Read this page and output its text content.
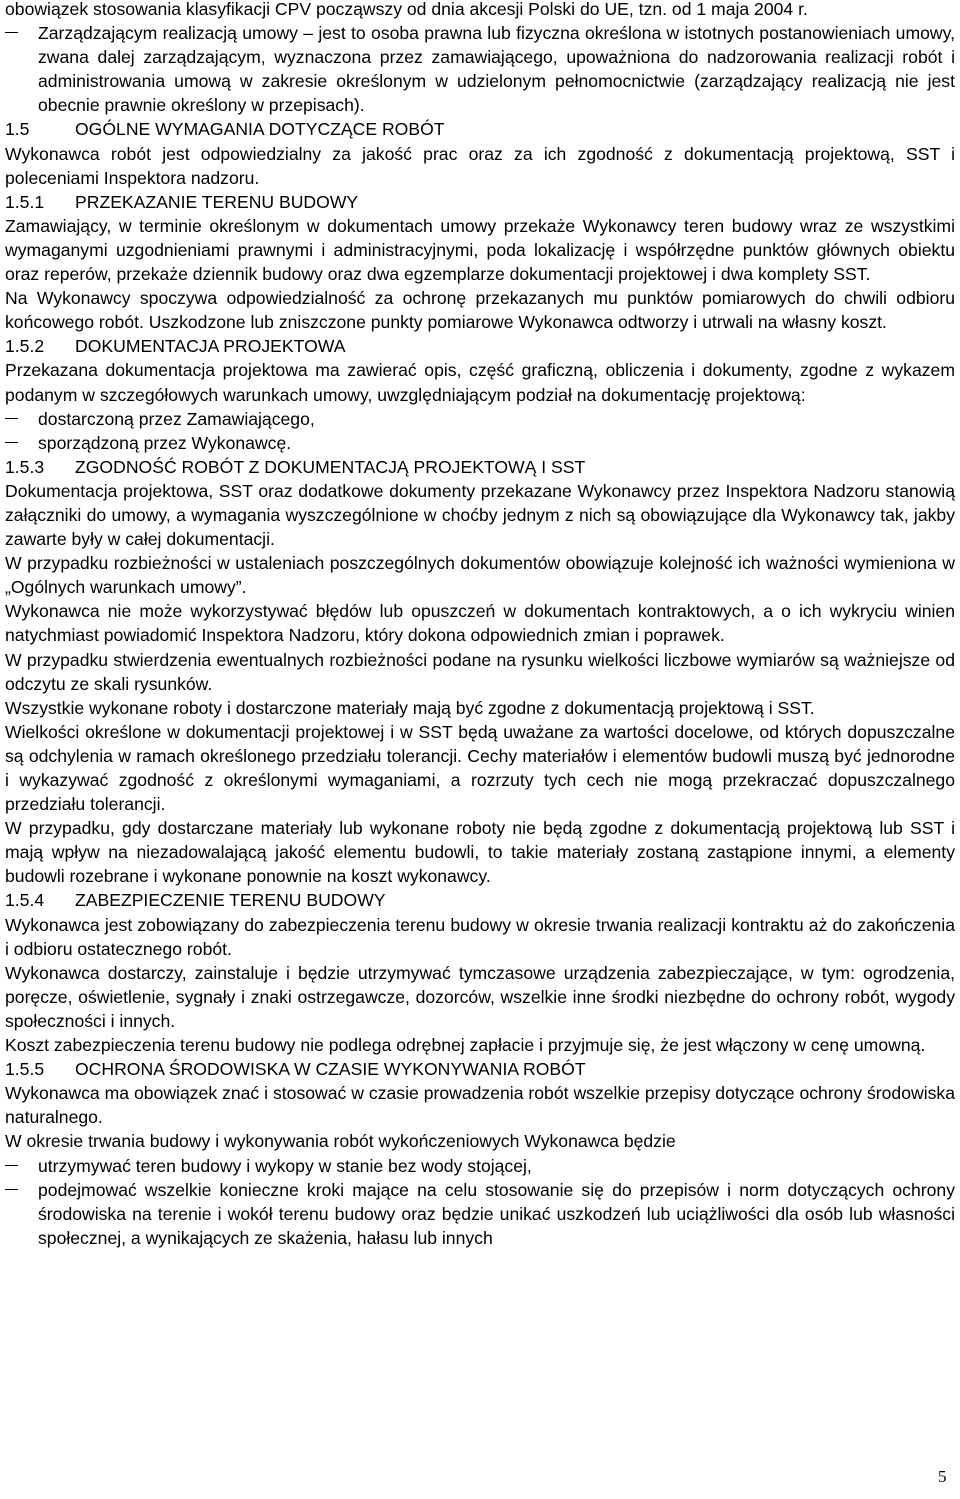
obowiązek stosowania klasyfikacji CPV począwszy od dnia akcesji Polski do UE, tzn. od 1 maja 2004 r.

Zarządzającym realizacją umowy – jest to osoba prawna lub fizyczna określona w istotnych postanowieniach umowy, zwana dalej zarządzającym, wyznaczona przez zamawiającego, upoważniona do nadzorowania realizacji robót i administrowania umową w zakresie określonym w udzielonym pełnomocnictwie (zarządzający realizacją nie jest obecnie prawnie określony w przepisach).

1.5	OGÓLNE WYMAGANIA DOTYCZĄCE ROBÓT

Wykonawca robót jest odpowiedzialny za jakość prac oraz za ich zgodność z dokumentacją projektową, SST i poleceniami Inspektora nadzoru.

1.5.1	PRZEKAZANIE TERENU BUDOWY

Zamawiający, w terminie określonym w dokumentach umowy przekaże Wykonawcy teren budowy wraz ze wszystkimi wymaganymi uzgodnieniami prawnymi i administracyjnymi, poda lokalizację i współrzędne punktów głównych obiektu oraz reperów, przekaże dziennik budowy oraz dwa egzemplarze dokumentacji projektowej i dwa komplety SST.

Na Wykonawcy spoczywa odpowiedzialność za ochronę przekazanych mu punktów pomiarowych do chwili odbioru końcowego robót. Uszkodzone lub zniszczone punkty pomiarowe Wykonawca odtworzy i utrwali na własny koszt.

1.5.2	DOKUMENTACJA PROJEKTOWA

Przekazana dokumentacja projektowa ma zawierać opis, część graficzną, obliczenia i dokumenty, zgodne z wykazem podanym w szczegółowych warunkach umowy, uwzględniającym podział na dokumentację projektową:

dostarczoną przez Zamawiającego,

sporządzoną przez Wykonawcę.

1.5.3	ZGODNOŚĆ ROBÓT Z DOKUMENTACJĄ PROJEKTOWĄ I SST

Dokumentacja projektowa, SST oraz dodatkowe dokumenty przekazane Wykonawcy przez Inspektora Nadzoru stanowią załączniki do umowy, a wymagania wyszczególnione w choćby jednym z nich są obowiązujące dla Wykonawcy tak, jakby zawarte były w całej dokumentacji.

W przypadku rozbieżności w ustaleniach poszczególnych dokumentów obowiązuje kolejność ich ważności wymieniona w „Ogólnych warunkach umowy”.

Wykonawca nie może wykorzystywać błędów lub opuszczeń w dokumentach kontraktowych, a o ich wykryciu winien natychmiast powiadomić Inspektora Nadzoru, który dokona odpowiednich zmian i poprawek.

W przypadku stwierdzenia ewentualnych rozbieżności podane na rysunku wielkości liczbowe wymiarów są ważniejsze od odczytu ze skali rysunków.

Wszystkie wykonane roboty i dostarczone materiały mają być zgodne z dokumentacją projektową i SST.

Wielkości określone w dokumentacji projektowej i w SST będą uważane za wartości docelowe, od których dopuszczalne są odchylenia w ramach określonego przedziału tolerancji. Cechy materiałów i elementów budowli muszą być jednorodne i wykazywać zgodność z określonymi wymaganiami, a rozrzuty tych cech nie mogą przekraczać dopuszczalnego przedziału tolerancji.

W przypadku, gdy dostarczane materiały lub wykonane roboty nie będą zgodne z dokumentacją projektową lub SST i mają wpływ na niezadowalającą jakość elementu budowli, to takie materiały zostaną zastąpione innymi, a elementy budowli rozebrane i wykonane ponownie na koszt wykonawcy.

1.5.4	ZABEZPIECZENIE TERENU BUDOWY

Wykonawca jest zobowiązany do zabezpieczenia terenu budowy w okresie trwania realizacji kontraktu aż do zakończenia i odbioru ostatecznego robót.

Wykonawca dostarczy, zainstaluje i będzie utrzymywać tymczasowe urządzenia zabezpieczające, w tym: ogrodzenia, poręcze, oświetlenie, sygnały i znaki ostrzegawcze, dozorców, wszelkie inne środki niezbędne do ochrony robót, wygody społeczności i innych.

Koszt zabezpieczenia terenu budowy nie podlega odrębnej zapłacie i przyjmuje się, że jest włączony w cenę umowną.

1.5.5	OCHRONA ŚRODOWISKA W CZASIE WYKONYWANIA ROBÓT

Wykonawca ma obowiązek znać i stosować w czasie prowadzenia robót wszelkie przepisy dotyczące ochrony środowiska naturalnego.

W okresie trwania budowy i wykonywania robót wykończeniowych Wykonawca będzie

utrzymywać teren budowy i wykopy w stanie bez wody stojącej,

podejmować wszelkie konieczne kroki mające na celu stosowanie się do przepisów i norm dotyczących ochrony środowiska na terenie i wokół terenu budowy oraz będzie unikać uszkodzeń lub uciążliwości dla osób lub własności społecznej, a wynikających ze skażenia, hałasu lub innych

5
